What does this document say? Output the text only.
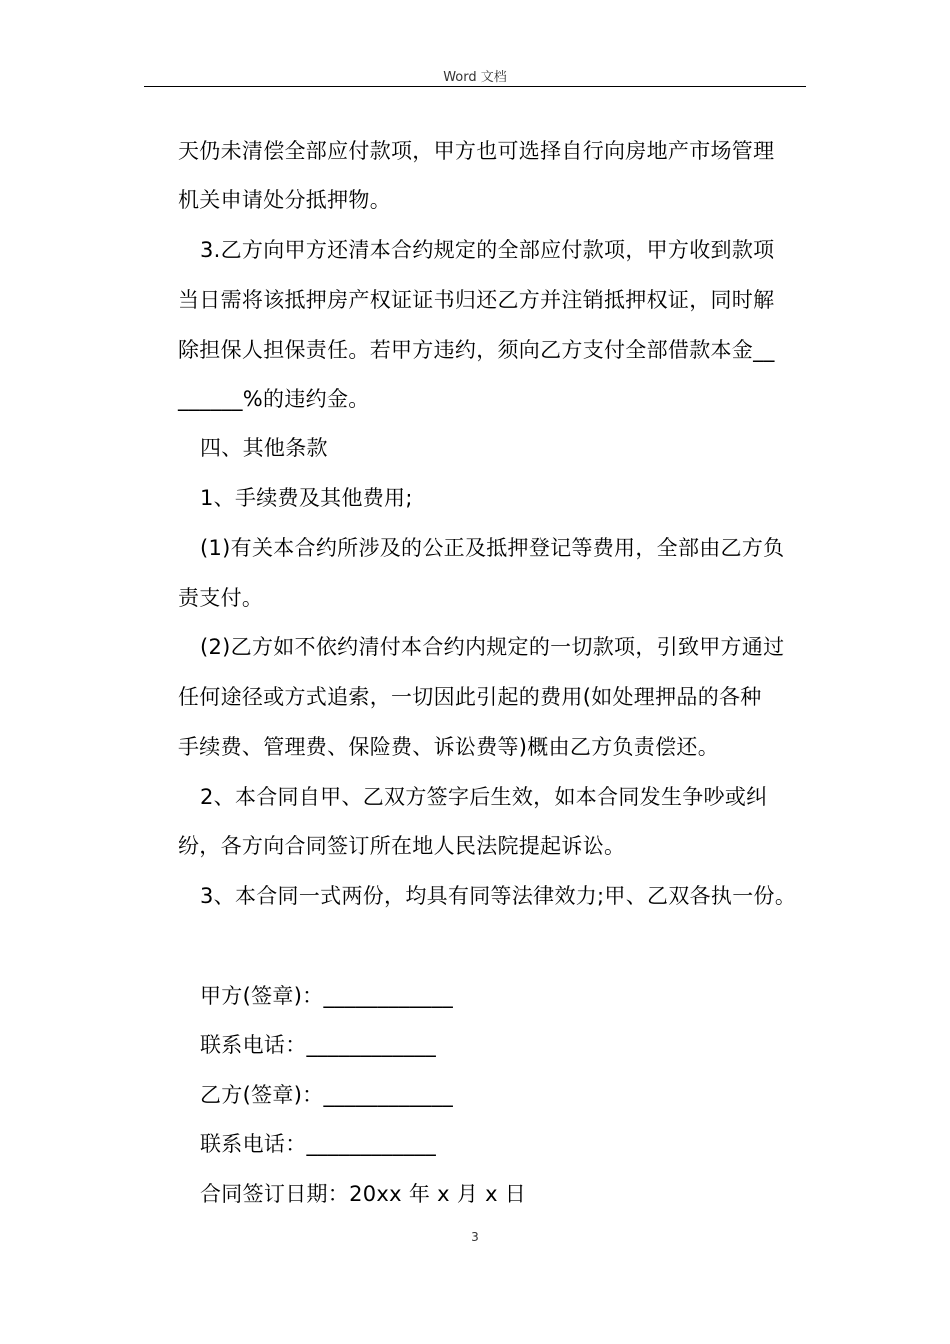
Word 文档
天仍未清偿全部应付款项，甲方也可选择自行向房地产市场管理
机关申请处分抵押物。
3.乙方向甲方还清本合约规定的全部应付款项，甲方收到款项
当日需将该抵押房产权证证书归还乙方并注销抵押权证，同时解
除担保人担保责任。若甲方违约，须向乙方支付全部借款本金__
______%的违约金。
四、其他条款
1、手续费及其他费用;
(1)有关本合约所涉及的公正及抵押登记等费用，全部由乙方负
责支付。
(2)乙方如不依约清付本合约内规定的一切款项，引致甲方通过
任何途径或方式追索，一切因此引起的费用(如处理押品的各种
手续费、管理费、保险费、诉讼费等)概由乙方负责偿还。
2、本合同自甲、乙双方签字后生效，如本合同发生争吵或纠
纷，各方向合同签订所在地人民法院提起诉讼。
3、本合同一式两份，均具有同等法律效力;甲、乙双各执一份。
甲方(签章)：____________
联系电话：____________
乙方(签章)：____________
联系电话：____________
合同签订日期：20xx 年 x 月 x 日
3
